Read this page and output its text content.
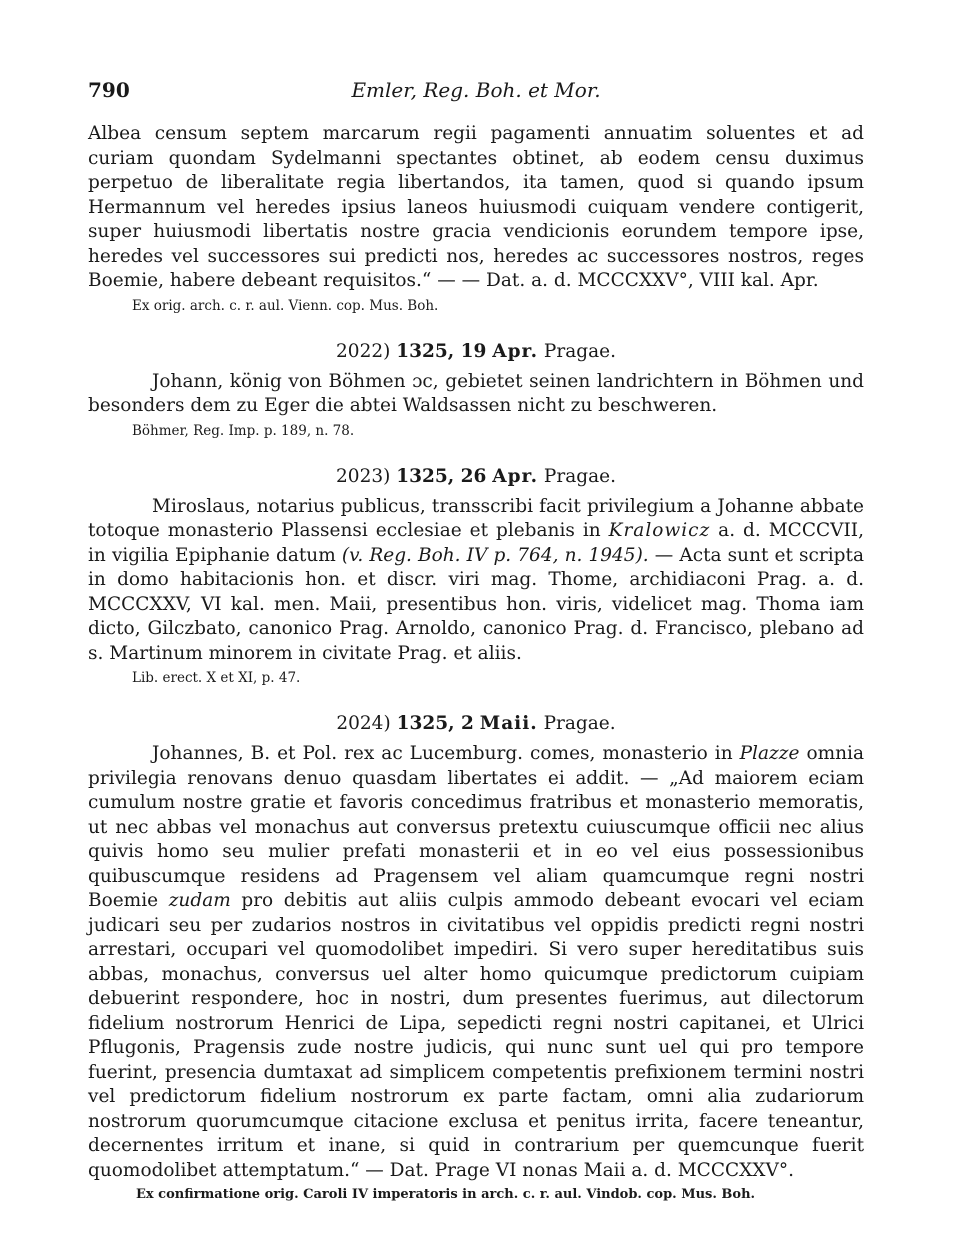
790	Emler, Reg. Boh. et Mor.

Albea censum septem marcarum regii pagamenti annuatim soluentes et ad curiam quondam Sydelmanni spectantes obtinet, ab eodem censu duximus perpetuo de liberalitate regia libertandos, ita tamen, quod si quando ipsum Hermannum vel heredes ipsius laneos huiusmodi cuiquam vendere contigerit, super huiusmodi libertatis nostre gracia vendicionis eorundem tempore ipse, heredes vel successores sui predicti nos, heredes ac successores nostros, reges Boemie, habere debeant requisitos.“ — — Dat. a. d. MCCCXXV°, VIII kal. Apr.

Ex orig. arch. c. r. aul. Vienn. cop. Mus. Boh.
2022) 1325, 19 Apr. Pragae.

Johann, könig von Böhmen ɔc, gebietet seinen landrichtern in Böhmen und besonders dem zu Eger die abtei Waldsassen nicht zu beschweren.

Böhmer, Reg. Imp. p. 189, n. 78.
2023) 1325, 26 Apr. Pragae.

Miroslaus, notarius publicus, transscribi facit privilegium a Johanne abbate totoque monasterio Plassensi ecclesiae et plebanis in Kralowicz a. d. MCCCVII, in vigilia Epiphanie datum (v. Reg. Boh. IV p. 764, n. 1945). — Acta sunt et scripta in domo habitacionis hon. et discr. viri mag. Thome, archidiaconi Prag. a. d. MCCCXXV, VI kal. men. Maii, presentibus hon. viris, videlicet mag. Thoma iam dicto, Gilczbato, canonico Prag. Arnoldo, canonico Prag. d. Francisco, plebano ad s. Martinum minorem in civitate Prag. et aliis.

Lib. erect. X et XI, p. 47.
2024) 1325, 2 Maii. Pragae.

Johannes, B. et Pol. rex ac Lucemburg. comes, monasterio in Plazze omnia privilegia renovans denuo quasdam libertates ei addit. — „Ad maiorem eciam cumulum nostre gratie et favoris concedimus fratribus et monasterio memoratis, ut nec abbas vel monachus aut conversus pretextu cuiuscumque officii nec alius quivis homo seu mulier prefati monasterii et in eo vel eius possessionibus quibuscumque residens ad Pragensem vel aliam quamcumque regni nostri Boemie zudam pro debitis aut aliis culpis ammodo debeant evocari vel eciam judicari seu per zudarios nostros in civitatibus vel oppidis predicti regni nostri arrestari, occupari vel quomodolibet impediri. Si vero super hereditatibus suis abbas, monachus, conversus uel alter homo quicumque predictorum cuipiam debuerint respondere, hoc in nostri, dum presentes fuerimus, aut dilectorum fidelium nostrorum Henrici de Lipa, sepedicti regni nostri capitanei, et Ulrici Pflugonis, Pragensis zude nostre judicis, qui nunc sunt uel qui pro tempore fuerint, presencia dumtaxat ad simplicem competentis prefixionem termini nostri vel predictorum fidelium nostrorum ex parte factam, omni alia zudariorum nostrorum quorumcumque citacione exclusa et penitus irrita, facere teneantur, decernentes irritum et inane, si quid in contrarium per quemcunque fuerit quomodolibet attemptatum.“ — Dat. Prage VI nonas Maii a. d. MCCCXXV°.

Ex confirmatione orig. Caroli IV imperatoris in arch. c. r. aul. Vindob. cop. Mus. Boh.
